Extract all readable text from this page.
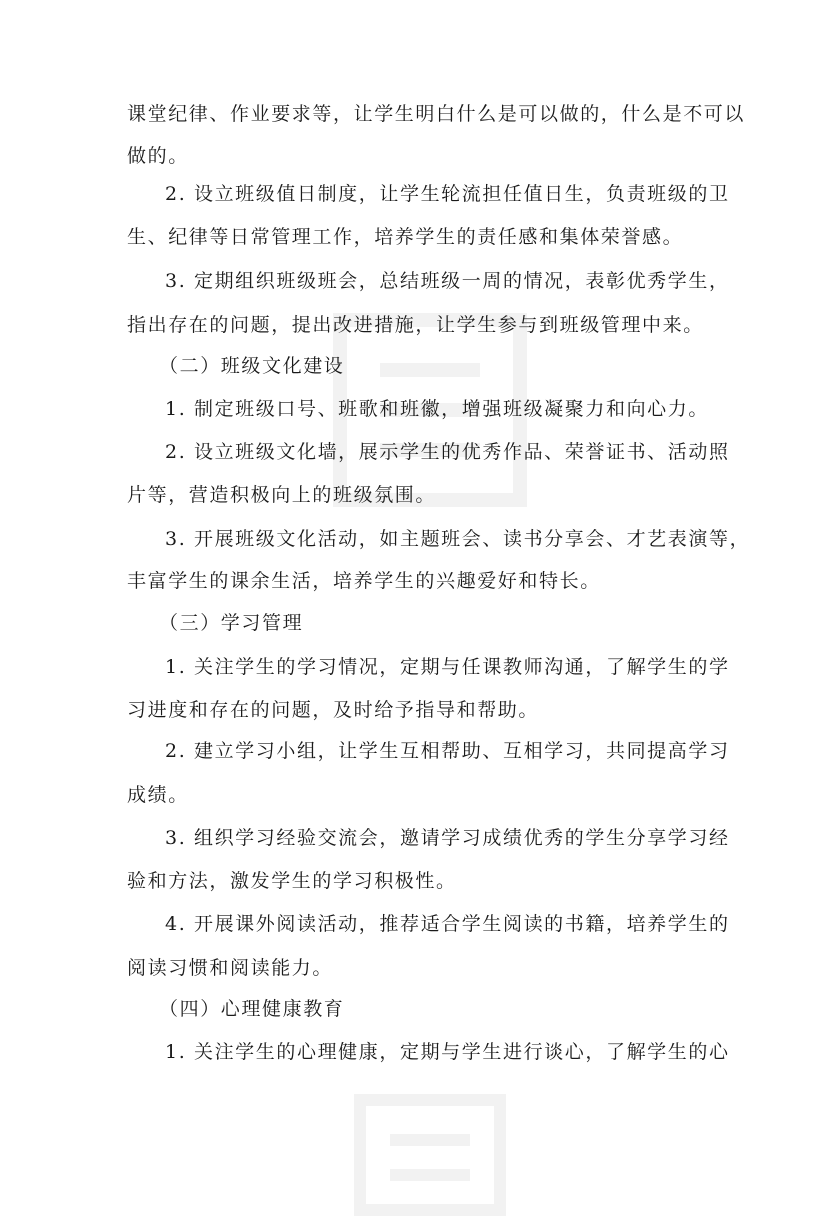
课堂纪律、作业要求等，让学生明白什么是可以做的，什么是不可以
做的。
2. 设立班级值日制度，让学生轮流担任值日生，负责班级的卫
生、纪律等日常管理工作，培养学生的责任感和集体荣誉感。
3. 定期组织班级班会，总结班级一周的情况，表彰优秀学生，
指出存在的问题，提出改进措施，让学生参与到班级管理中来。
（二）班级文化建设
1. 制定班级口号、班歌和班徽，增强班级凝聚力和向心力。
2. 设立班级文化墙，展示学生的优秀作品、荣誉证书、活动照
片等，营造积极向上的班级氛围。
3. 开展班级文化活动，如主题班会、读书分享会、才艺表演等，
丰富学生的课余生活，培养学生的兴趣爱好和特长。
（三）学习管理
1. 关注学生的学习情况，定期与任课教师沟通，了解学生的学
习进度和存在的问题，及时给予指导和帮助。
2. 建立学习小组，让学生互相帮助、互相学习，共同提高学习
成绩。
3. 组织学习经验交流会，邀请学习成绩优秀的学生分享学习经
验和方法，激发学生的学习积极性。
4. 开展课外阅读活动，推荐适合学生阅读的书籍，培养学生的
阅读习惯和阅读能力。
（四）心理健康教育
1. 关注学生的心理健康，定期与学生进行谈心，了解学生的心
